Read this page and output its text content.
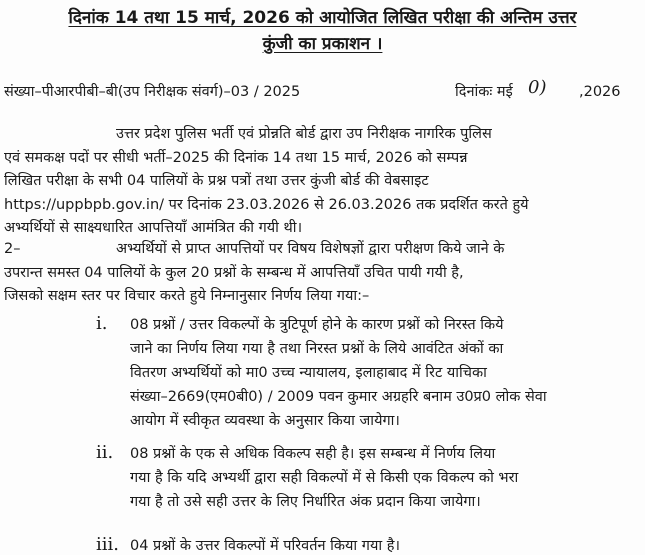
दिनांक 14 तथा 15 मार्च, 2026 को आयोजित लिखित परीक्षा की अन्तिम उत्तर
कुंजी का प्रकाशन ।
संख्या–पीआरपीबी–बी(उप निरीक्षक संवर्ग)–03 / 2025	दिनांकः मई 0) ,2026
उत्तर प्रदेश पुलिस भर्ती एवं प्रोन्नति बोर्ड द्वारा उप निरीक्षक नागरिक पुलिस
एवं समकक्ष पदों पर सीधी भर्ती–2025 की दिनांक 14 तथा 15 मार्च, 2026 को सम्पन्न
लिखित परीक्षा के सभी 04 पालियों के प्रश्न पत्रों तथा उत्तर कुंजी बोर्ड की वेबसाइट
https://uppbpb.gov.in/ पर दिनांक 23.03.2026 से 26.03.2026 तक प्रदर्शित करते हुये
अभ्यर्थियों से साक्ष्यधारित आपत्तियाँ आमंत्रित की गयी थी।
2–	अभ्यर्थियों से प्राप्त आपत्तियों पर विषय विशेषज्ञों द्वारा परीक्षण किये जाने के
उपरान्त समस्त 04 पालियों के कुल 20 प्रश्नों के सम्बन्ध में आपत्तियाँ उचित पायी गयी है,
जिसको सक्षम स्तर पर विचार करते हुये निम्नानुसार निर्णय लिया गया:–
i. 08 प्रश्नों / उत्तर विकल्पों के त्रुटिपूर्ण होने के कारण प्रश्नों को निरस्त किये
जाने का निर्णय लिया गया है तथा निरस्त प्रश्नों के लिये आवंटित अंकों का
वितरण अभ्यर्थियों को मा0 उच्च न्यायालय, इलाहाबाद में रिट याचिका
संख्या–2669(एम0बी0) / 2009 पवन कुमार अग्रहरि बनाम उ0प्र0 लोक सेवा
आयोग में स्वीकृत व्यवस्था के अनुसार किया जायेगा।
ii. 08 प्रश्नों के एक से अधिक विकल्प सही है। इस सम्बन्ध में निर्णय लिया
गया है कि यदि अभ्यर्थी द्वारा सही विकल्पों में से किसी एक विकल्प को भरा
गया है तो उसे सही उत्तर के लिए निर्धारित अंक प्रदान किया जायेगा।
iii. 04 प्रश्नों के उत्तर विकल्पों में परिवर्तन किया गया है।
